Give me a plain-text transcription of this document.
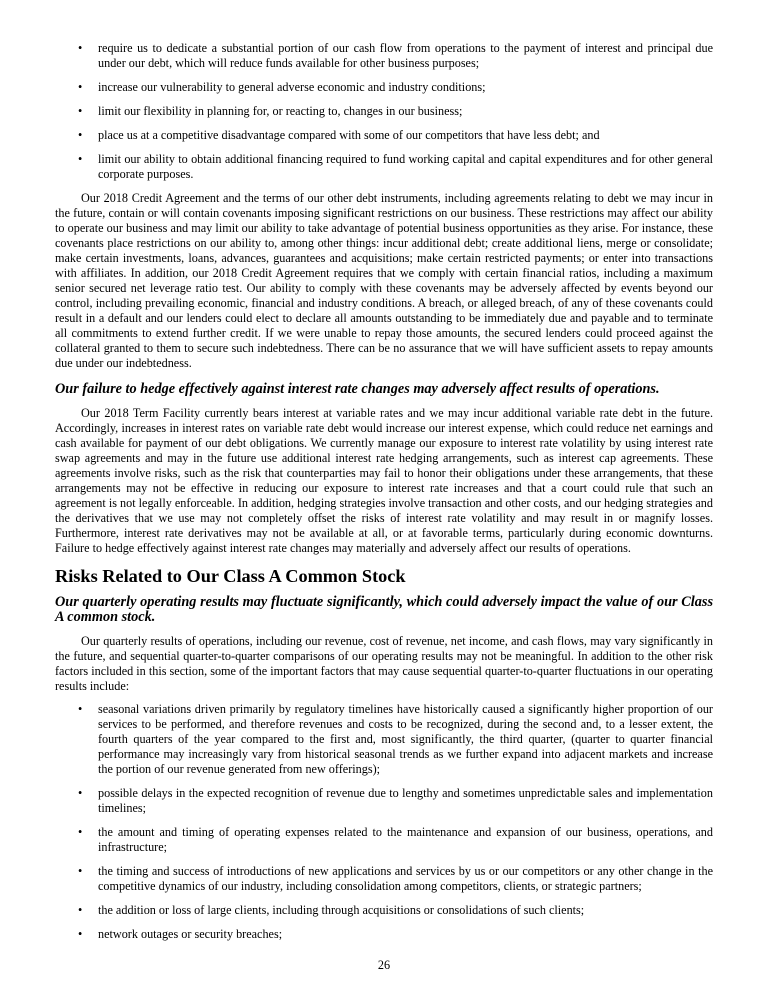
•	require us to dedicate a substantial portion of our cash flow from operations to the payment of interest and principal due under our debt, which will reduce funds available for other business purposes;
•	increase our vulnerability to general adverse economic and industry conditions;
•	limit our flexibility in planning for, or reacting to, changes in our business;
•	place us at a competitive disadvantage compared with some of our competitors that have less debt; and
•	limit our ability to obtain additional financing required to fund working capital and capital expenditures and for other general corporate purposes.

Our 2018 Credit Agreement and the terms of our other debt instruments, including agreements relating to debt we may incur in the future, contain or will contain covenants imposing significant restrictions on our business. These restrictions may affect our ability to operate our business and may limit our ability to take advantage of potential business opportunities as they arise. For instance, these covenants place restrictions on our ability to, among other things: incur additional debt; create additional liens, merge or consolidate; make certain investments, loans, advances, guarantees and acquisitions; make certain restricted payments; or enter into transactions with affiliates. In addition, our 2018 Credit Agreement requires that we comply with certain financial ratios, including a maximum senior secured net leverage ratio test. Our ability to comply with these covenants may be adversely affected by events beyond our control, including prevailing economic, financial and industry conditions. A breach, or alleged breach, of any of these covenants could result in a default and our lenders could elect to declare all amounts outstanding to be immediately due and payable and to terminate all commitments to extend further credit. If we were unable to repay those amounts, the secured lenders could proceed against the collateral granted to them to secure such indebtedness. There can be no assurance that we will have sufficient assets to repay amounts due under our indebtedness.

Our failure to hedge effectively against interest rate changes may adversely affect results of operations.

Our 2018 Term Facility currently bears interest at variable rates and we may incur additional variable rate debt in the future. Accordingly, increases in interest rates on variable rate debt would increase our interest expense, which could reduce net earnings and cash available for payment of our debt obligations. We currently manage our exposure to interest rate volatility by using interest rate swap agreements and may in the future use additional interest rate hedging arrangements, such as interest cap agreements. These agreements involve risks, such as the risk that counterparties may fail to honor their obligations under these arrangements, that these arrangements may not be effective in reducing our exposure to interest rate increases and that a court could rule that such an agreement is not legally enforceable. In addition, hedging strategies involve transaction and other costs, and our hedging strategies and the derivatives that we use may not completely offset the risks of interest rate volatility and may result in or magnify losses. Furthermore, interest rate derivatives may not be available at all, or at favorable terms, particularly during economic downturns. Failure to hedge effectively against interest rate changes may materially and adversely affect our results of operations.

Risks Related to Our Class A Common Stock
Our quarterly operating results may fluctuate significantly, which could adversely impact the value of our Class A common stock.

Our quarterly results of operations, including our revenue, cost of revenue, net income, and cash flows, may vary significantly in the future, and sequential quarter-to-quarter comparisons of our operating results may not be meaningful. In addition to the other risk factors included in this section, some of the important factors that may cause sequential quarter-to-quarter fluctuations in our operating results include:

•	seasonal variations driven primarily by regulatory timelines have historically caused a significantly higher proportion of our services to be performed, and therefore revenues and costs to be recognized, during the second and, to a lesser extent, the fourth quarters of the year compared to the first and, most significantly, the third quarter, (quarter to quarter financial performance may increasingly vary from historical seasonal trends as we further expand into adjacent markets and increase the portion of our revenue generated from new offerings);
•	possible delays in the expected recognition of revenue due to lengthy and sometimes unpredictable sales and implementation timelines;
•	the amount and timing of operating expenses related to the maintenance and expansion of our business, operations, and infrastructure;
•	the timing and success of introductions of new applications and services by us or our competitors or any other change in the competitive dynamics of our industry, including consolidation among competitors, clients, or strategic partners;
•	the addition or loss of large clients, including through acquisitions or consolidations of such clients;
•	network outages or security breaches;
26
